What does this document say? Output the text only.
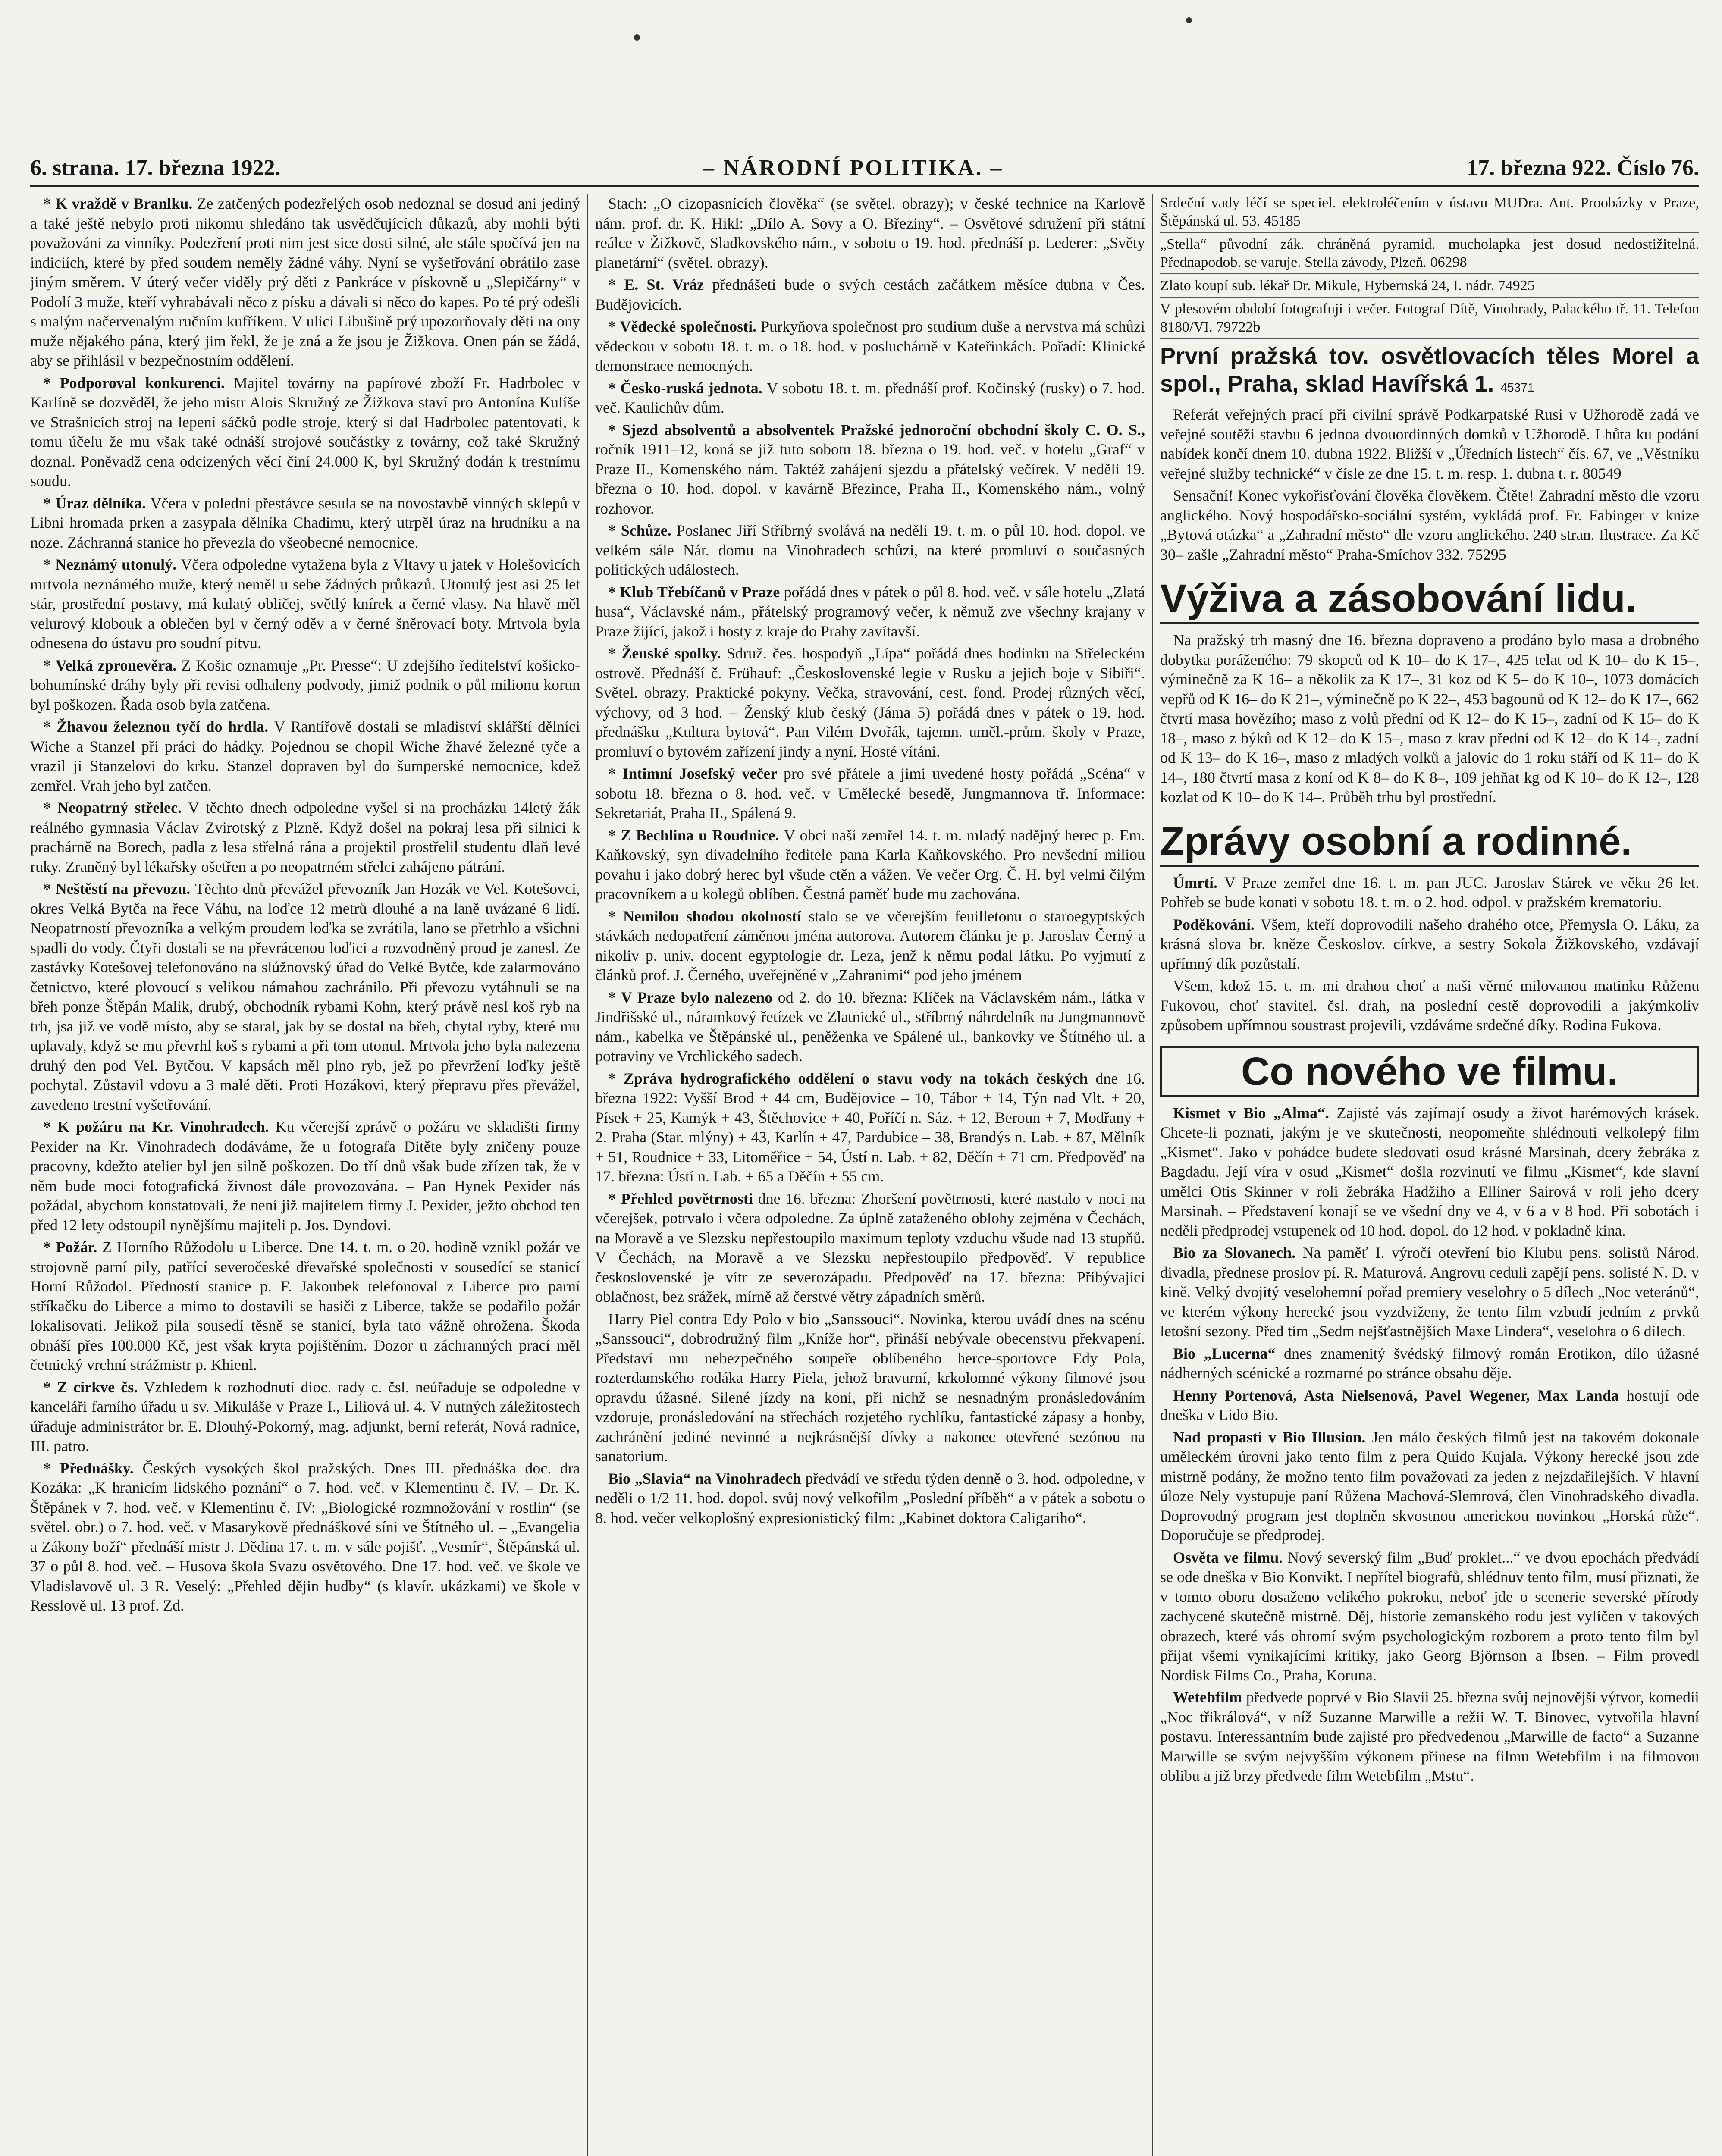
6. strana. 17. března 1922.	– NÁRODNÍ POLITIKA. –	17. března 922. Číslo 76.

* K vraždě v Branlku. Ze zatčených podezřelých osob nedoznal se dosud ani jediný a také ještě nebylo proti nikomu shledáno tak usvědčujících důkazů, aby mohli býti považováni za vinníky. Podezření proti nim jest sice dosti silné, ale stále spočívá jen na indiciích, které by před soudem neměly žádné váhy. Nyní se vyšetřování obrátilo zase jiným směrem. V úterý večer viděly prý děti z Pankráce v pískovně u „Slepičárny“ v Podolí 3 muže, kteří vyhrabávali něco z písku a dávali si něco do kapes. Po té prý odešli s malým načervenalým ručním kufříkem. V ulici Libušině prý upozorňovaly děti na ony muže nějakého pána, který jim řekl, že je zná a že jsou je Žižkova. Onen pán se žádá, aby se přihlásil v bezpečnostním oddělení.

* Podporoval konkurenci. Majitel továrny na papírové zboží Fr. Hadrbolec v Karlíně se dozvěděl, že jeho mistr Alois Skružný ze Žižkova staví pro Antonína Kulíše ve Strašnicích stroj na lepení sáčků podle stroje, který si dal Hadrbolec patentovati, k tomu účelu že mu však také odnáší strojové součástky z továrny, což také Skružný doznal. Poněvadž cena odcizených věcí činí 24.000 K, byl Skružný dodán k trestnímu soudu.

* Úraz dělníka. Včera v poledni přestávce sesula se na novostavbě vinných sklepů v Libni hromada prken a zasypala dělníka Chadimu, který utrpěl úraz na hrudníku a na noze. Záchranná stanice ho převezla do všeobecné nemocnice.

* Neznámý utonulý. Včera odpoledne vytažena byla z Vltavy u jatek v Holešovicích mrtvola neznámého muže, který neměl u sebe žádných průkazů. Utonulý jest asi 25 let stár, prostřední postavy, má kulatý obličej, světlý knírek a černé vlasy. Na hlavě měl velurový klobouk a oblečen byl v černý oděv a v černé šněrovací boty. Mrtvola byla odnesena do ústavu pro soudní pitvu.

* Velká zpronevěra. Z Košic oznamuje „Pr. Presse“: U zdejšího ředitelství košicko-bohumínské dráhy byly při revisi odhaleny podvody, jimiž podnik o půl milionu korun byl poškozen. Řada osob byla zatčena.

* Žhavou železnou tyčí do hrdla. V Rantířově dostali se mladiství sklářští dělníci Wiche a Stanzel při práci do hádky. Pojednou se chopil Wiche žhavé železné tyče a vrazil ji Stanzelovi do krku. Stanzel dopraven byl do šumperské nemocnice, kdež zemřel. Vrah jeho byl zatčen.

* Neopatrný střelec. V těchto dnech odpoledne vyšel si na procházku 14letý žák reálného gymnasia Václav Zvirotský z Plzně. Když došel na pokraj lesa při silnici k prachárně na Borech, padla z lesa střelná rána a projektil prostřelil studentu dlaň levé ruky. Zraněný byl lékařsky ošetřen a po neopatrném střelci zahájeno pátrání.

* Neštěstí na převozu. Těchto dnů převážel převozník Jan Hozák ve Vel. Kotešovci, okres Velká Bytča na řece Váhu, na loďce 12 metrů dlouhé a na laně uvázané 6 lidí. Neopatrností převozníka a velkým proudem loďka se zvrátila, lano se přetrhlo a všichni spadli do vody. Čtyři dostali se na převrácenou loďici a rozvodněný proud je zanesl. Ze zastávky Kotešovej telefonováno na slúžnovský úřad do Velké Bytče, kde zalarmováno četnictvo, které plovoucí s velikou námahou zachránilo. Při převozu vytáhnuli se na břeh ponze Štěpán Malik, drubý, obchodník rybami Kohn, který právě nesl koš ryb na trh, jsa již ve vodě místo, aby se staral, jak by se dostal na břeh, chytal ryby, které mu uplavaly, když se mu převrhl koš s rybami a při tom utonul. Mrtvola jeho byla nalezena druhý den pod Vel. Bytčou. V kapsách měl plno ryb, jež po převržení loďky ještě pochytal. Zůstavil vdovu a 3 malé děti. Proti Hozákovi, který přepravu přes převážel, zavedeno trestní vyšetřování.

* K požáru na Kr. Vinohradech. Ku včerejší zprávě o požáru ve skladišti firmy Pexider na Kr. Vinohradech dodáváme, že u fotografa Ditěte byly zničeny pouze pracovny, kdežto atelier byl jen silně poškozen. Do tří dnů však bude zřízen tak, že v něm bude moci fotografická živnost dále provozována. – Pan Hynek Pexider nás požádal, abychom konstatovali, že není již majitelem firmy J. Pexider, ježto obchod ten před 12 lety odstoupil nynějšímu majiteli p. Jos. Dyndovi.

* Požár. Z Horního Růžodolu u Liberce. Dne 14. t. m. o 20. hodině vznikl požár ve strojovně parní pily, patřící severočeské dřevařské společnosti v sousedící se stanicí Horní Růžodol. Předností stanice p. F. Jakoubek telefonoval z Liberce pro parní stříkačku do Liberce a mimo to dostavili se hasiči z Liberce, takže se podařilo požár lokalisovati. Jelikož pila sousedí těsně se stanicí, byla tato vážně ohrožena. Škoda obnáší přes 100.000 Kč, jest však kryta pojištěním. Dozor u záchranných prací měl četnický vrchní strážmistr p. Khienl.

* Z církve čs. Vzhledem k rozhodnutí dioc. rady c. čsl. neúřaduje se odpoledne v kanceláři farního úřadu u sv. Mikuláše v Praze I., Liliová ul. 4. V nutných záležitostech úřaduje administrátor br. E. Dlouhý-Pokorný, mag. adjunkt, berní referát, Nová radnice, III. patro.

* Přednášky. Českých vysokých škol pražských. Dnes III. přednáška doc. dra Kozáka: „K hranicím lidského poznání“ o 7. hod. več. v Klementinu č. IV. – Dr. K. Štěpánek v 7. hod. več. v Klementinu č. IV: „Biologické rozmnožování v rostlin“ (se světel. obr.) o 7. hod. več. v Masarykově přednáškové síni ve Štítného ul. – „Evangelia a Zákony boží“ přednáší mistr J. Dědina 17. t. m. v sále pojišť. „Vesmír“, Štěpánská ul. 37 o půl 8. hod. več. – Husova škola Svazu osvětového. Dne 17. hod. več. ve škole ve Vladislavově ul. 3 R. Veselý: „Přehled dějin hudby“ (s klavír. ukázkami) ve škole v Resslově ul. 13 prof. Zd.

Stach: „O cizopasnících člověka“ (se světel. obrazy); v české technice na Karlově nám. prof. dr. K. Hikl: „Dílo A. Sovy a O. Březiny“. – Osvětové sdružení při státní reálce v Žižkově, Sladkovského nám., v sobotu o 19. hod. přednáší p. Lederer: „Světy planetární“ (světel. obrazy).

* E. St. Vráz přednášeti bude o svých cestách začátkem měsíce dubna v Čes. Budějovicích.

* Vědecké společnosti. Purkyňova společnost pro studium duše a nervstva má schůzi vědeckou v sobotu 18. t. m. o 18. hod. v posluchárně v Kateřinkách. Pořadí: Klinické demonstrace nemocných.

* Česko-ruská jednota. V sobotu 18. t. m. přednáší prof. Kočinský (rusky) o 7. hod. več. Kaulichův dům.

* Sjezd absolventů a absolventek Pražské jednoroční obchodní školy C. O. S., ročník 1911–12, koná se již tuto sobotu 18. března o 19. hod. več. v hotelu „Graf“ v Praze II., Komenského nám. Taktéž zahájení sjezdu a přátelský večírek. V neděli 19. března o 10. hod. dopol. v kavárně Březince, Praha II., Komenského nám., volný rozhovor.

* Schůze. Poslanec Jiří Stříbrný svolává na neděli 19. t. m. o půl 10. hod. dopol. ve velkém sále Nár. domu na Vinohradech schůzi, na které promluví o současných politických událostech.

* Klub Třebíčanů v Praze pořádá dnes v pátek o půl 8. hod. več. v sále hotelu „Zlatá husa“, Václavské nám., přátelský programový večer, k němuž zve všechny krajany v Praze žijící, jakož i hosty z kraje do Prahy zavítavší.

* Ženské spolky. Sdruž. čes. hospodyň „Lípa“ pořádá dnes hodinku na Střeleckém ostrově. Přednáší č. Frühauf: „Československé legie v Rusku a jejich boje v Sibiři“. Světel. obrazy. Praktické pokyny. Večka, stravování, cest. fond. Prodej různých věcí, výchovy, od 3 hod. – Ženský klub český (Jáma 5) pořádá dnes v pátek o 19. hod. přednášku „Kultura bytová“. Pan Vilém Dvořák, tajemn. uměl.-prům. školy v Praze, promluví o bytovém zařízení jindy a nyní. Hosté vítáni.

* Intimní Josefský večer pro své přátele a jimi uvedené hosty pořádá „Scéna“ v sobotu 18. března o 8. hod. več. v Umělecké besedě, Jungmannova tř. Informace: Sekretariát, Praha II., Spálená 9.

* Z Bechlina u Roudnice. V obci naší zemřel 14. t. m. mladý nadějný herec p. Em. Kaňkovský, syn divadelního ředitele pana Karla Kaňkovského. Pro nevšední miliou povahu i jako dobrý herec byl všude ctěn a vážen. Ve večer Org. Č. H. byl velmi čilým pracovníkem a u kolegů oblíben. Čestná paměť bude mu zachována.

* Nemilou shodou okolností stalo se ve včerejším feuilletonu o staroegyptských stávkách nedopatření záměnou jména autorova. Autorem článku je p. Jaroslav Černý a nikoliv p. univ. docent egyptologie dr. Leza, jenž k němu podal látku. Po vyjmutí z článků prof. J. Černého, uveřejněné v „Zahranimi“ pod jeho jménem

* V Praze bylo nalezeno od 2. do 10. března: Klíček na Václavském nám., látka v Jindřišské ul., náramkový řetízek ve Zlatnické ul., stříbrný náhrdelník na Jungmannově nám., kabelka ve Štěpánské ul., peněženka ve Spálené ul., bankovky ve Štítného ul. a potraviny ve Vrchlického sadech.

* Zpráva hydrografického oddělení o stavu vody na tokách českých dne 16. března 1922: Vyšší Brod + 44 cm, Budějovice – 10, Tábor + 14, Týn nad Vlt. + 20, Písek + 25, Kamýk + 43, Štěchovice + 40, Poříčí n. Sáz. + 12, Beroun + 7, Modřany + 2. Praha (Star. mlýny) + 43, Karlín + 47, Pardubice – 38, Brandýs n. Lab. + 87, Mělník + 51, Roudnice + 33, Litoměřice + 54, Ústí n. Lab. + 82, Děčín + 71 cm. Předpověď na 17. března: Ústí n. Lab. + 65 a Děčín + 55 cm.

* Přehled povětrnosti dne 16. března: Zhoršení povětrnosti, které nastalo v noci na včerejšek, potrvalo i včera odpoledne. Za úplně zataženého oblohy zejména v Čechách, na Moravě a ve Slezsku nepřestoupilo maximum teploty vzduchu všude nad 13 stupňů. V Čechách, na Moravě a ve Slezsku nepřestoupilo předpověď. V republice československé je vítr ze severozápadu. Předpověď na 17. března: Přibývající oblačnost, bez srážek, mírně až čerstvé větry západních směrů.

Harry Piel contra Edy Polo v bio „Sanssouci“. Novinka, kterou uvádí dnes na scénu „Sanssouci“, dobrodružný film „Kníže hor“, přináší nebývale obecenstvu překvapení. Představí mu nebezpečného soupeře oblíbeného herce-sportovce Edy Pola, rozterdamského rodáka Harry Piela, jehož bravurní, krkolomné výkony filmové jsou opravdu úžasné. Silené jízdy na koni, při nichž se nesnadným pronásledováním vzdoruje, pronásledování na střechách rozjetého rychlíku, fantastické zápasy a honby, zachránění jediné nevinné a nejkrásnější dívky a nakonec otevřené sezónou na sanatorium.

Bio „Slavia“ na Vinohradech předvádí ve středu týden denně o 3. hod. odpoledne, v neděli o 1/2 11. hod. dopol. svůj nový velkofilm „Poslední příběh“ a v pátek a sobotu o 8. hod. večer velkoplošný expresionistický film: „Kabinet doktora Caligariho“.

Srdeční vady léčí se speciel. elektroléčením v ústavu MUDra. Ant. Proobázky v Praze, Štěpánská ul. 53. 45185
„Stella“ původní zák. chráněná pyramid. mucholapka jest dosud nedostižitelná. Přednapodob. se varuje. Stella závody, Plzeň. 06298
Zlato koupí sub. lékař Dr. Mikule, Hybernská 24, I. nádr. 74925
V plesovém období fotografuji i večer. Fotograf Dítě, Vinohrady, Palackého tř. 11. Telefon 8180/VI. 79722b
První pražská tov. osvětlovacích těles Morel a spol., Praha, sklad Havířská 1. 45371

Referát veřejných prací při civilní správě Podkarpatské Rusi v Užhorodě zadá ve veřejné soutěži stavbu 6 jednoa dvouordinných domků v Užhorodě. Lhůta ku podání nabídek končí dnem 10. dubna 1922. Bližší v „Úředních listech“ čís. 67, ve „Věstníku veřejné služby technické“ v čísle ze dne 15. t. m. resp. 1. dubna t. r. 80549

Sensační! Konec vykořisťování člověka člověkem. Čtěte! Zahradní město dle vzoru anglického. Nový hospodářsko-sociální systém, vykládá prof. Fr. Fabinger v knize „Bytová otázka“ a „Zahradní město“ dle vzoru anglického. 240 stran. Ilustrace. Za Kč 30– zašle „Zahradní město“ Praha-Smíchov 332. 75295

Výživa a zásobování lidu.

Na pražský trh masný dne 16. března dopraveno a prodáno bylo masa a drobného dobytka poráženého: 79 skopců od K 10– do K 17–, 425 telat od K 10– do K 15–, výminečně za K 16– a několik za K 17–, 31 koz od K 5– do K 10–, 1073 domácích vepřů od K 16– do K 21–, výminečně po K 22–, 453 bagounů od K 12– do K 17–, 662 čtvrtí masa hovězího; maso z volů přední od K 12– do K 15–, zadní od K 15– do K 18–, maso z býků od K 12– do K 15–, maso z krav přední od K 12– do K 14–, zadní od K 13– do K 16–, maso z mladých volků a jalovic do 1 roku stáří od K 11– do K 14–, 180 čtvrtí masa z koní od K 8– do K 8–, 109 jehňat kg od K 10– do K 12–, 128 kozlat od K 10– do K 14–. Průběh trhu byl prostřední.

Zprávy osobní a rodinné.

Úmrtí. V Praze zemřel dne 16. t. m. pan JUC. Jaroslav Stárek ve věku 26 let. Pohřeb se bude konati v sobotu 18. t. m. o 2. hod. odpol. v pražském krematoriu.

Poděkování. Všem, kteří doprovodili našeho drahého otce, Přemysla O. Láku, za krásná slova br. kněze Českoslov. církve, a sestry Sokola Žižkovského, vzdávají upřímný dík pozůstalí.

Všem, kdož 15. t. m. mi drahou choť a naši věrné milovanou matinku Růženu Fukovou, choť stavitel. čsl. drah, na poslední cestě doprovodili a jakýmkoliv způsobem upřímnou soustrast projevili, vzdáváme srdečné díky. Rodina Fukova.

Co nového ve filmu.

Kismet v Bio „Alma“. Zajisté vás zajímají osudy a život harémových krásek. Chcete-li poznati, jakým je ve skutečnosti, neopomeňte shlédnouti velkolepý film „Kismet“. Jako v pohádce budete sledovati osud krásné Marsinah, dcery žebráka z Bagdadu. Její víra v osud „Kismet“ došla rozvinutí ve filmu „Kismet“, kde slavní umělci Otis Skinner v roli žebráka Hadžiho a Elliner Sairová v roli jeho dcery Marsinah. – Představení konají se ve všední dny ve 4, v 6 a v 8 hod. Při sobotách i neděli předprodej vstupenek od 10 hod. dopol. do 12 hod. v pokladně kina.

Bio za Slovanech. Na paměť I. výročí otevření bio Klubu pens. solistů Národ. divadla, přednese proslov pí. R. Maturová. Angrovu ceduli zapějí pens. solisté N. D. v kině. Velký dvojitý veselohemní pořad premiery veselohry o 5 dílech „Noc veteránů“, ve kterém výkony herecké jsou vyzdviženy, že tento film vzbudí jedním z prvků letošní sezony. Před tím „Sedm nejšťastnějších Maxe Lindera“, veselohra o 6 dílech.

Bio „Lucerna“ dnes znamenitý švédský filmový román Erotikon, dílo úžasné nádherných scénické a rozmarné po stránce obsahu děje.

Henny Portenová, Asta Nielsenová, Pavel Wegener, Max Landa hostují ode dneška v Lido Bio.

Nad propastí v Bio Illusion. Jen málo českých filmů jest na takovém dokonale uměleckém úrovni jako tento film z pera Quido Kujala. Výkony herecké jsou zde mistrně podány, že možno tento film považovati za jeden z nejzdařilejších. V hlavní úloze Nely vystupuje paní Růžena Machová-Slemrová, člen Vinohradského divadla. Doprovodný program jest doplněn skvostnou americkou novinkou „Horská růže“. Doporučuje se předprodej.

Osvěta ve filmu. Nový severský film „Buď proklet...“ ve dvou epochách předvádí se ode dneška v Bio Konvikt. I nepřítel biografů, shlédnuv tento film, musí přiznati, že v tomto oboru dosaženo velikého pokroku, neboť jde o scenerie severské přírody zachycené skutečně mistrně. Děj, historie zemanského rodu jest vylíčen v takových obrazech, které vás ohromí svým psychologickým rozborem a proto tento film byl přijat všemi vynikajícími kritiky, jako Georg Björnson a Ibsen. – Film provedl Nordisk Films Co., Praha, Koruna.

Wetebfilm předvede poprvé v Bio Slavii 25. března svůj nejnovější výtvor, komedii „Noc třikrálová“, v níž Suzanne Marwille a režii W. T. Binovec, vytvořila hlavní postavu. Interessantním bude zajisté pro předvedenou „Marwille de facto“ a Suzanne Marwille se svým nejvyšším výkonem přinese na filmu Wetebfilm i na filmovou oblibu a již brzy předvede film Wetebfilm „Mstu“.
